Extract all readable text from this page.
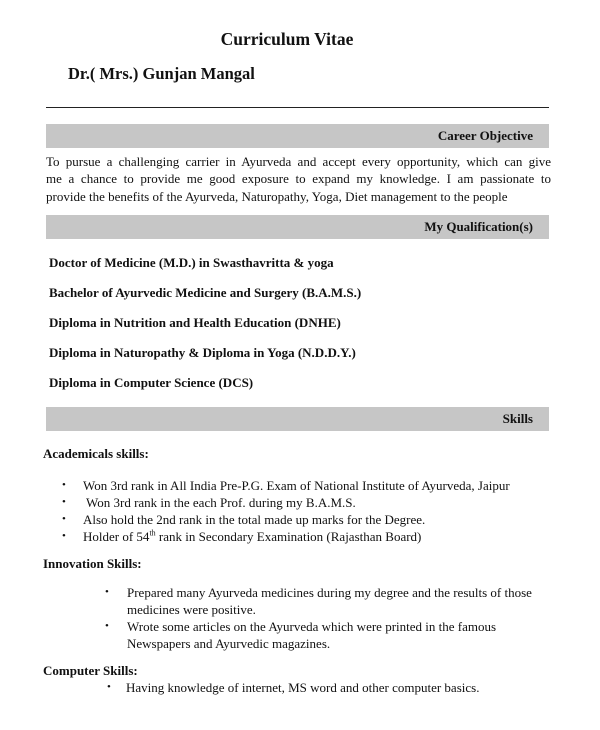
Curriculum Vitae
Dr.( Mrs.) Gunjan Mangal
Career Objective
To pursue a challenging carrier in Ayurveda and accept every opportunity, which can give
me a chance to provide me good exposure to expand my knowledge. I am passionate to
provide the benefits of the Ayurveda, Naturopathy, Yoga, Diet management to the people
My Qualification(s)
Doctor of Medicine (M.D.) in Swasthavritta & yoga
Bachelor of Ayurvedic Medicine and Surgery (B.A.M.S.)
Diploma in Nutrition and Health Education (DNHE)
Diploma in Naturopathy & Diploma in Yoga (N.D.D.Y.)
Diploma in Computer Science (DCS)
Skills
Academicals skills:
• Won 3rd rank in All India Pre-P.G. Exam of National Institute of Ayurveda, Jaipur
• Won 3rd rank in the each Prof. during my B.A.M.S.
• Also hold the 2nd rank in the total made up marks for the Degree.
• Holder of 54th rank in Secondary Examination (Rajasthan Board)
Innovation Skills:
• Prepared many Ayurveda medicines during my degree and the results of those
medicines were positive.
• Wrote some articles on the Ayurveda which were printed in the famous
Newspapers and Ayurvedic magazines.
Computer Skills:
• Having knowledge of internet, MS word and other computer basics.
